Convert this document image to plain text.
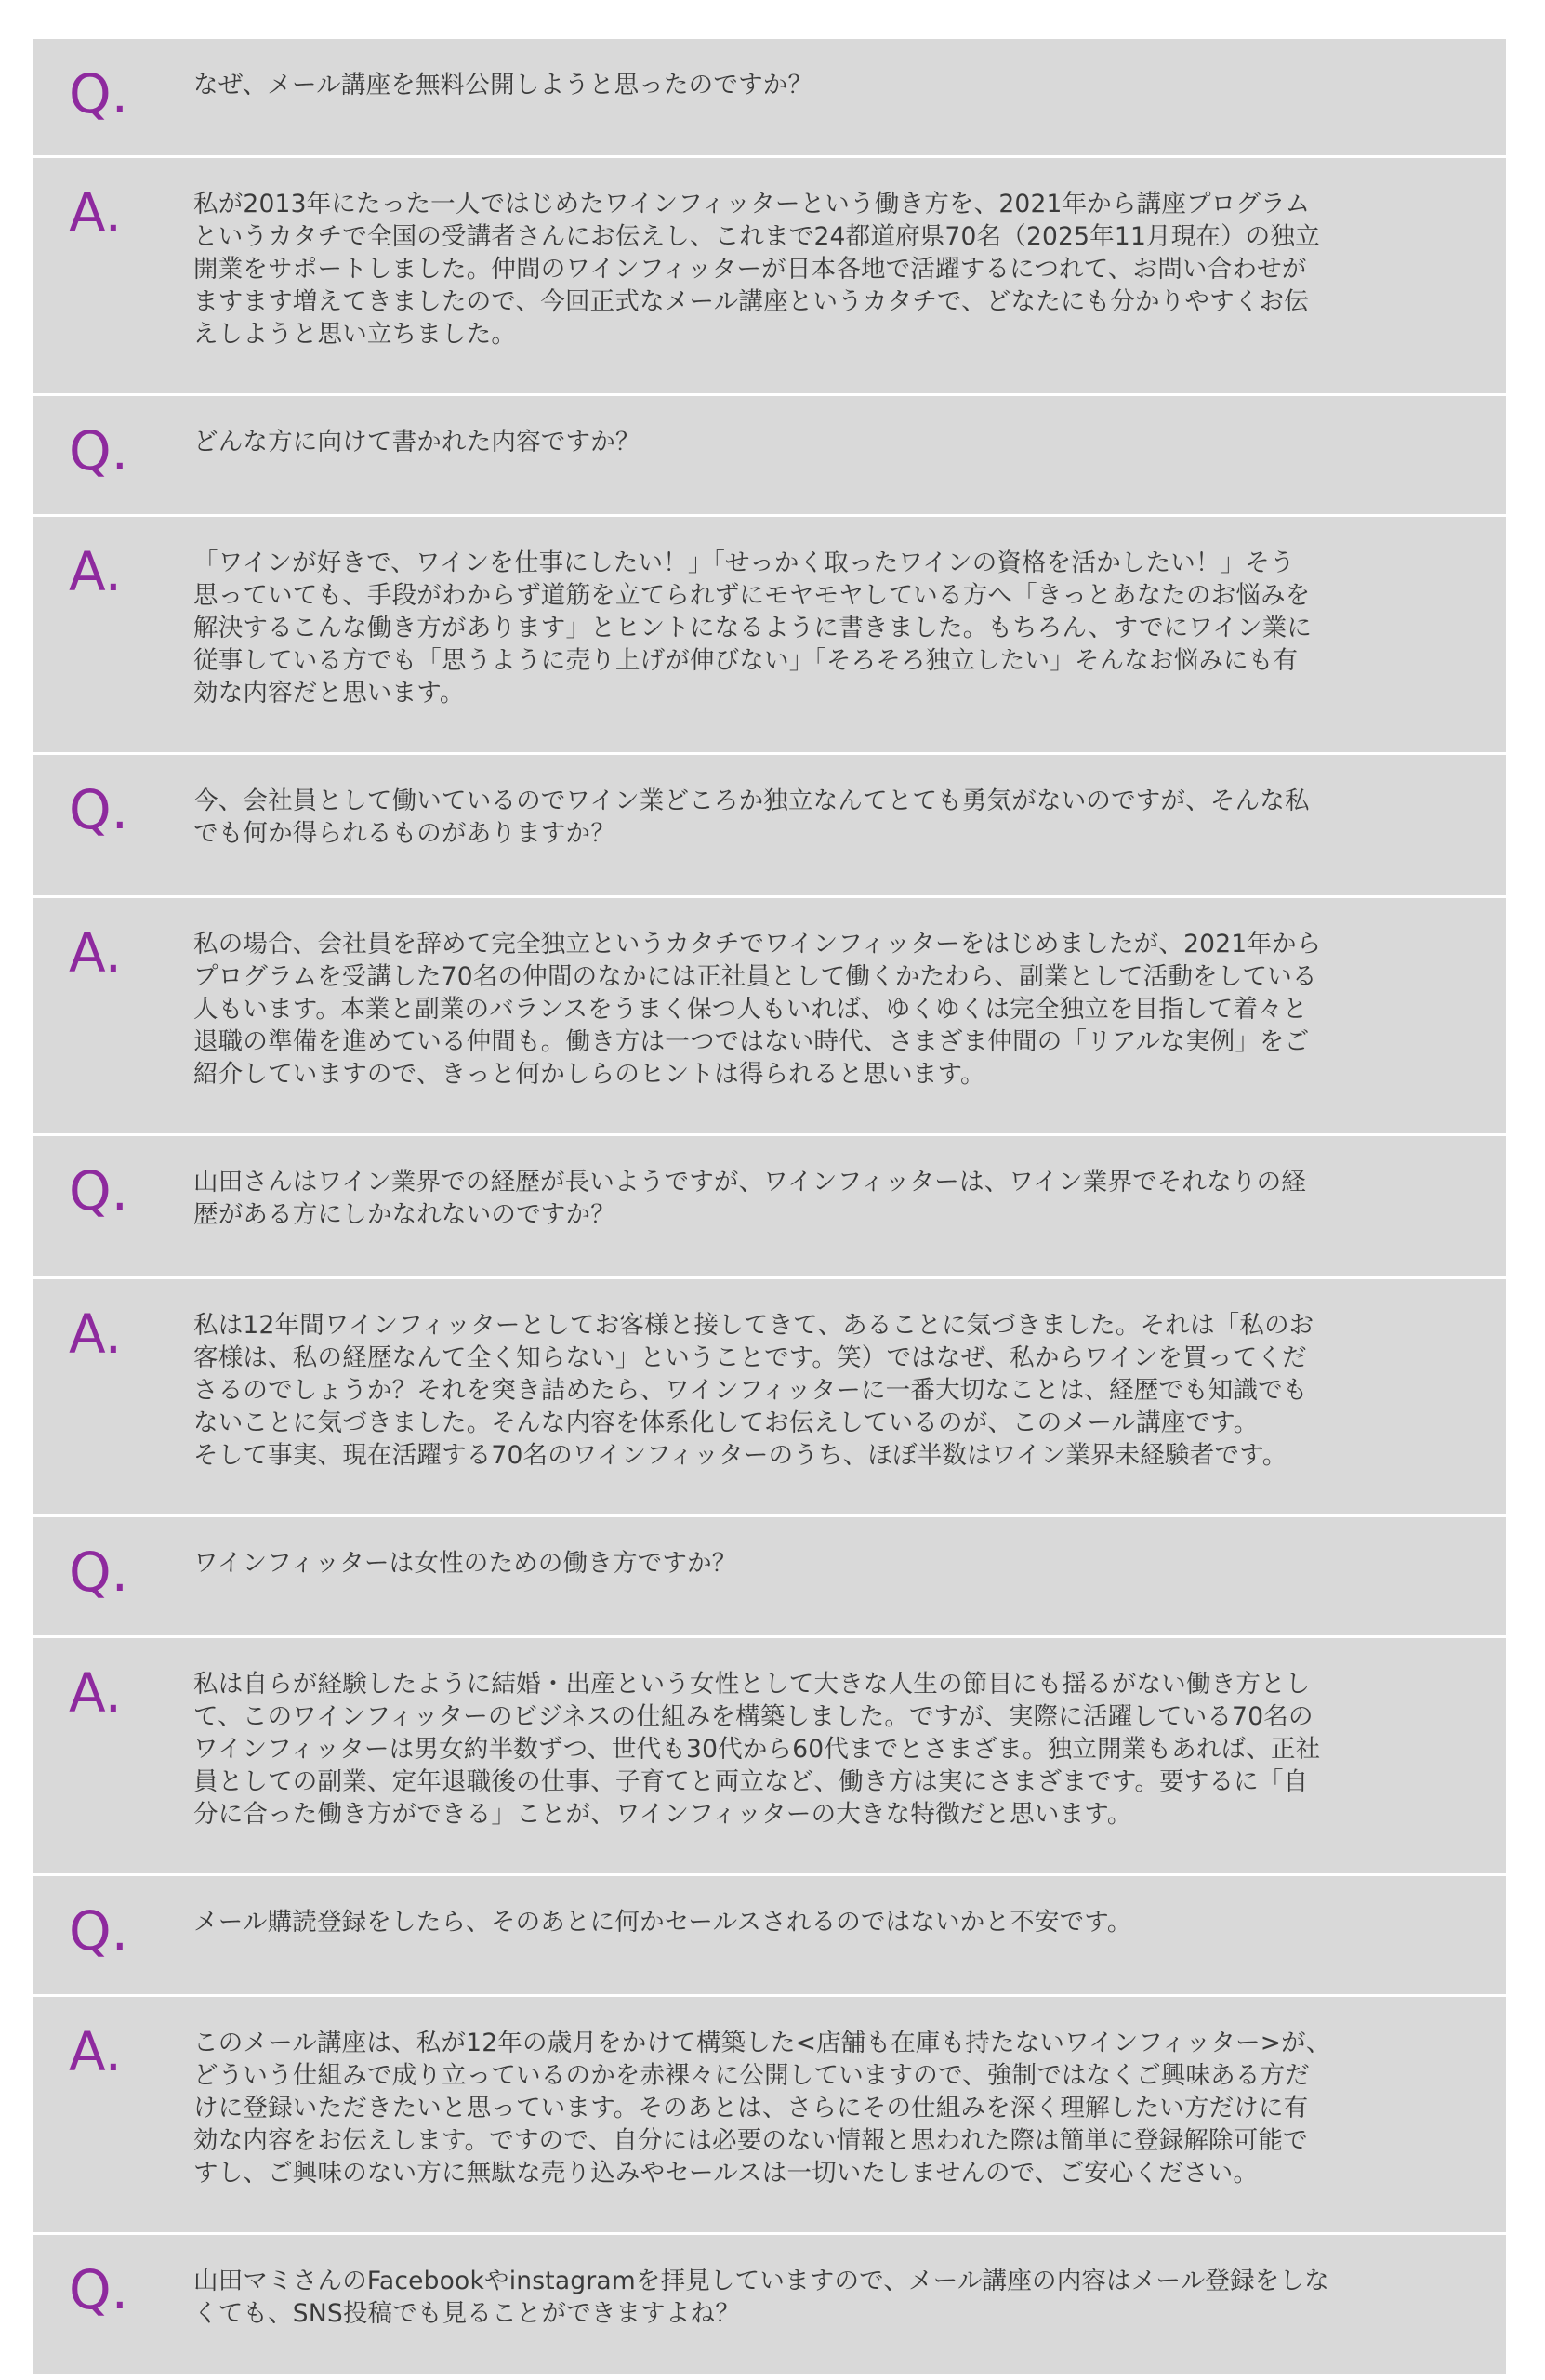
Q.	なぜ、メール講座を無料公開しようと思ったのですか？
A.	私が2013年にたった一人ではじめたワインフィッターという働き方を、2021年から講座プログラム
というカタチで全国の受講者さんにお伝えし、これまで24都道府県70名（2025年11月現在）の独立
開業をサポートしました。仲間のワインフィッターが日本各地で活躍するにつれて、お問い合わせが
ますます増えてきましたので、今回正式なメール講座というカタチで、どなたにも分かりやすくお伝
えしようと思い立ちました。
Q.	どんな方に向けて書かれた内容ですか？
A.	「ワインが好きで、ワインを仕事にしたい！」「せっかく取ったワインの資格を活かしたい！」そう
思っていても、手段がわからず道筋を立てられずにモヤモヤしている方へ「きっとあなたのお悩みを
解決するこんな働き方があります」とヒントになるように書きました。もちろん、すでにワイン業に
従事している方でも「思うように売り上げが伸びない」「そろそろ独立したい」そんなお悩みにも有
効な内容だと思います。
Q.	今、会社員として働いているのでワイン業どころか独立なんてとても勇気がないのですが、そんな私
でも何か得られるものがありますか？
A.	私の場合、会社員を辞めて完全独立というカタチでワインフィッターをはじめましたが、2021年から
プログラムを受講した70名の仲間のなかには正社員として働くかたわら、副業として活動をしている
人もいます。本業と副業のバランスをうまく保つ人もいれば、ゆくゆくは完全独立を目指して着々と
退職の準備を進めている仲間も。働き方は一つではない時代、さまざま仲間の「リアルな実例」をご
紹介していますので、きっと何かしらのヒントは得られると思います。
Q.	山田さんはワイン業界での経歴が長いようですが、ワインフィッターは、ワイン業界でそれなりの経
歴がある方にしかなれないのですか？
A.	私は12年間ワインフィッターとしてお客様と接してきて、あることに気づきました。それは「私のお
客様は、私の経歴なんて全く知らない」ということです。笑）ではなぜ、私からワインを買ってくだ
さるのでしょうか？それを突き詰めたら、ワインフィッターに一番大切なことは、経歴でも知識でも
ないことに気づきました。そんな内容を体系化してお伝えしているのが、このメール講座です。
そして事実、現在活躍する70名のワインフィッターのうち、ほぼ半数はワイン業界未経験者です。
Q.	ワインフィッターは女性のための働き方ですか？
A.	私は自らが経験したように結婚・出産という女性として大きな人生の節目にも揺るがない働き方とし
て、このワインフィッターのビジネスの仕組みを構築しました。ですが、実際に活躍している70名の
ワインフィッターは男女約半数ずつ、世代も30代から60代までとさまざま。独立開業もあれば、正社
員としての副業、定年退職後の仕事、子育てと両立など、働き方は実にさまざまです。要するに「自
分に合った働き方ができる」ことが、ワインフィッターの大きな特徴だと思います。
Q.	メール購読登録をしたら、そのあとに何かセールスされるのではないかと不安です。
A.	このメール講座は、私が12年の歳月をかけて構築した<店舗も在庫も持たないワインフィッター>が、
どういう仕組みで成り立っているのかを赤裸々に公開していますので、強制ではなくご興味ある方だ
けに登録いただきたいと思っています。そのあとは、さらにその仕組みを深く理解したい方だけに有
効な内容をお伝えします。ですので、自分には必要のない情報と思われた際は簡単に登録解除可能で
すし、ご興味のない方に無駄な売り込みやセールスは一切いたしませんので、ご安心ください。
Q.	山田マミさんのFacebookやinstagramを拝見していますので、メール講座の内容はメール登録をしな
くても、SNS投稿でも見ることができますよね？
